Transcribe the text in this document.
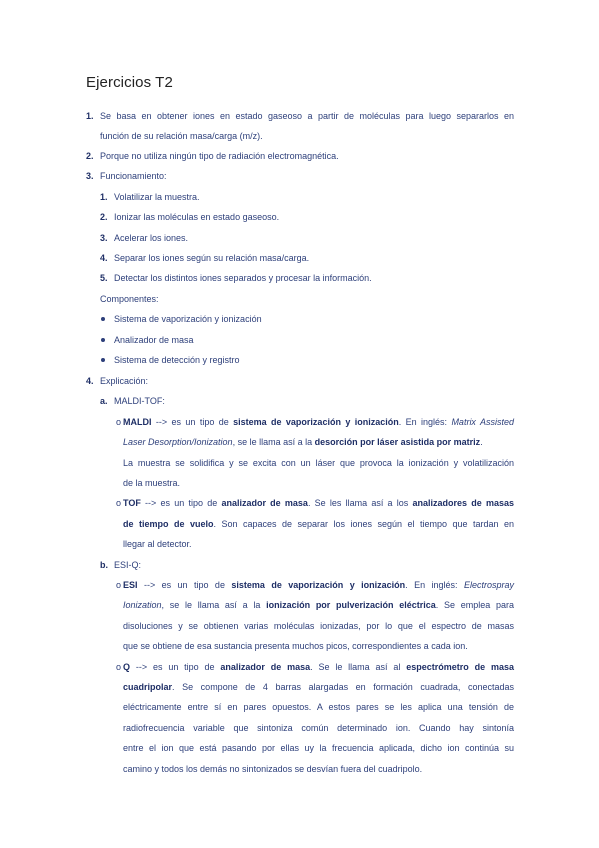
Ejercicios T2
1. Se basa en obtener iones en estado gaseoso a partir de moléculas para luego separarlos en
función de su relación masa/carga (m/z).
2. Porque no utiliza ningún tipo de radiación electromagnética.
3. Funcionamiento:
1. Volatilizar la muestra.
2. Ionizar las moléculas en estado gaseoso.
3. Acelerar los iones.
4. Separar los iones según su relación masa/carga.
5. Detectar los distintos iones separados y procesar la información.
Componentes:
Sistema de vaporización y ionización
Analizador de masa
Sistema de detección y registro
4. Explicación:
a. MALDI-TOF:
o MALDI --> es un tipo de sistema de vaporización y ionización. En inglés: Matrix Assisted
Laser Desorption/Ionization, se le llama así a la desorción por láser asistida por matriz.
La muestra se solidifica y se excita con un láser que provoca la ionización y volatilización
de la muestra.
o TOF --> es un tipo de analizador de masa. Se les llama así a los analizadores de masas
de tiempo de vuelo. Son capaces de separar los iones según el tiempo que tardan en
llegar al detector.
b. ESI-Q:
o ESI --> es un tipo de sistema de vaporización y ionización. En inglés: Electrospray
Ionization, se le llama así a la ionización por pulverización eléctrica. Se emplea para
disoluciones y se obtienen varias moléculas ionizadas, por lo que el espectro de masas
que se obtiene de esa sustancia presenta muchos picos, correspondientes a cada ion.
o Q --> es un tipo de analizador de masa. Se le llama así al espectrómetro de masa
cuadripolar. Se compone de 4 barras alargadas en formación cuadrada, conectadas
eléctricamente entre sí en pares opuestos. A estos pares se les aplica una tensión de
radiofrecuencia variable que sintoniza común determinado ion. Cuando hay sintonía
entre el ion que está pasando por ellas uy la frecuencia aplicada, dicho ion continúa su
camino y todos los demás no sintonizados se desvían fuera del cuadripolo.
